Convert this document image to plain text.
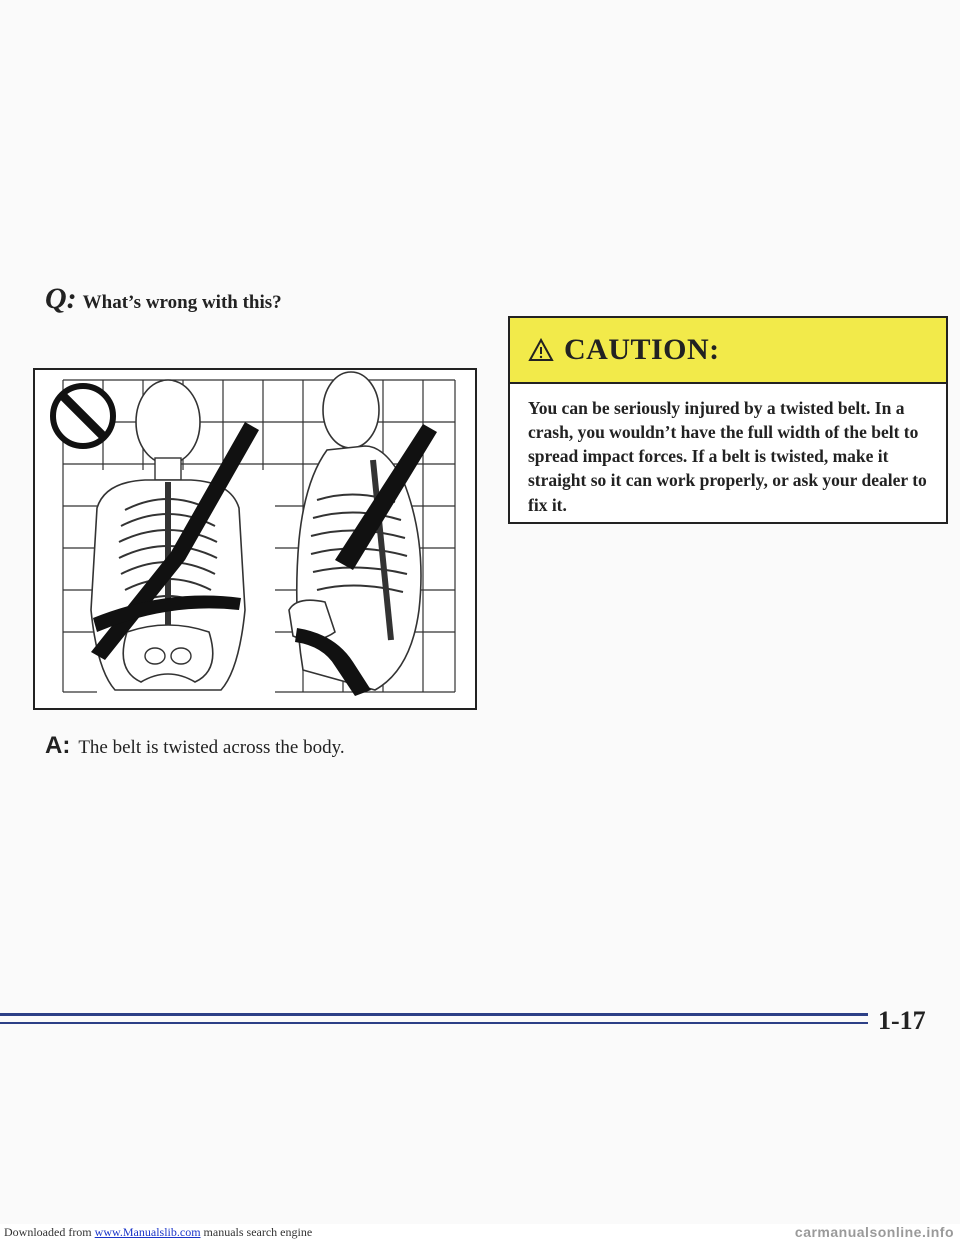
Q: What’s wrong with this?
A: The belt is twisted across the body.
CAUTION:
You can be seriously injured by a twisted belt. In a crash, you wouldn’t have the full width of the belt to spread impact forces. If a belt is twisted, make it straight so it can work properly, or ask your dealer to fix it.
1-17
Downloaded from www.Manualslib.com manuals search engine	carmanualsonline.info
